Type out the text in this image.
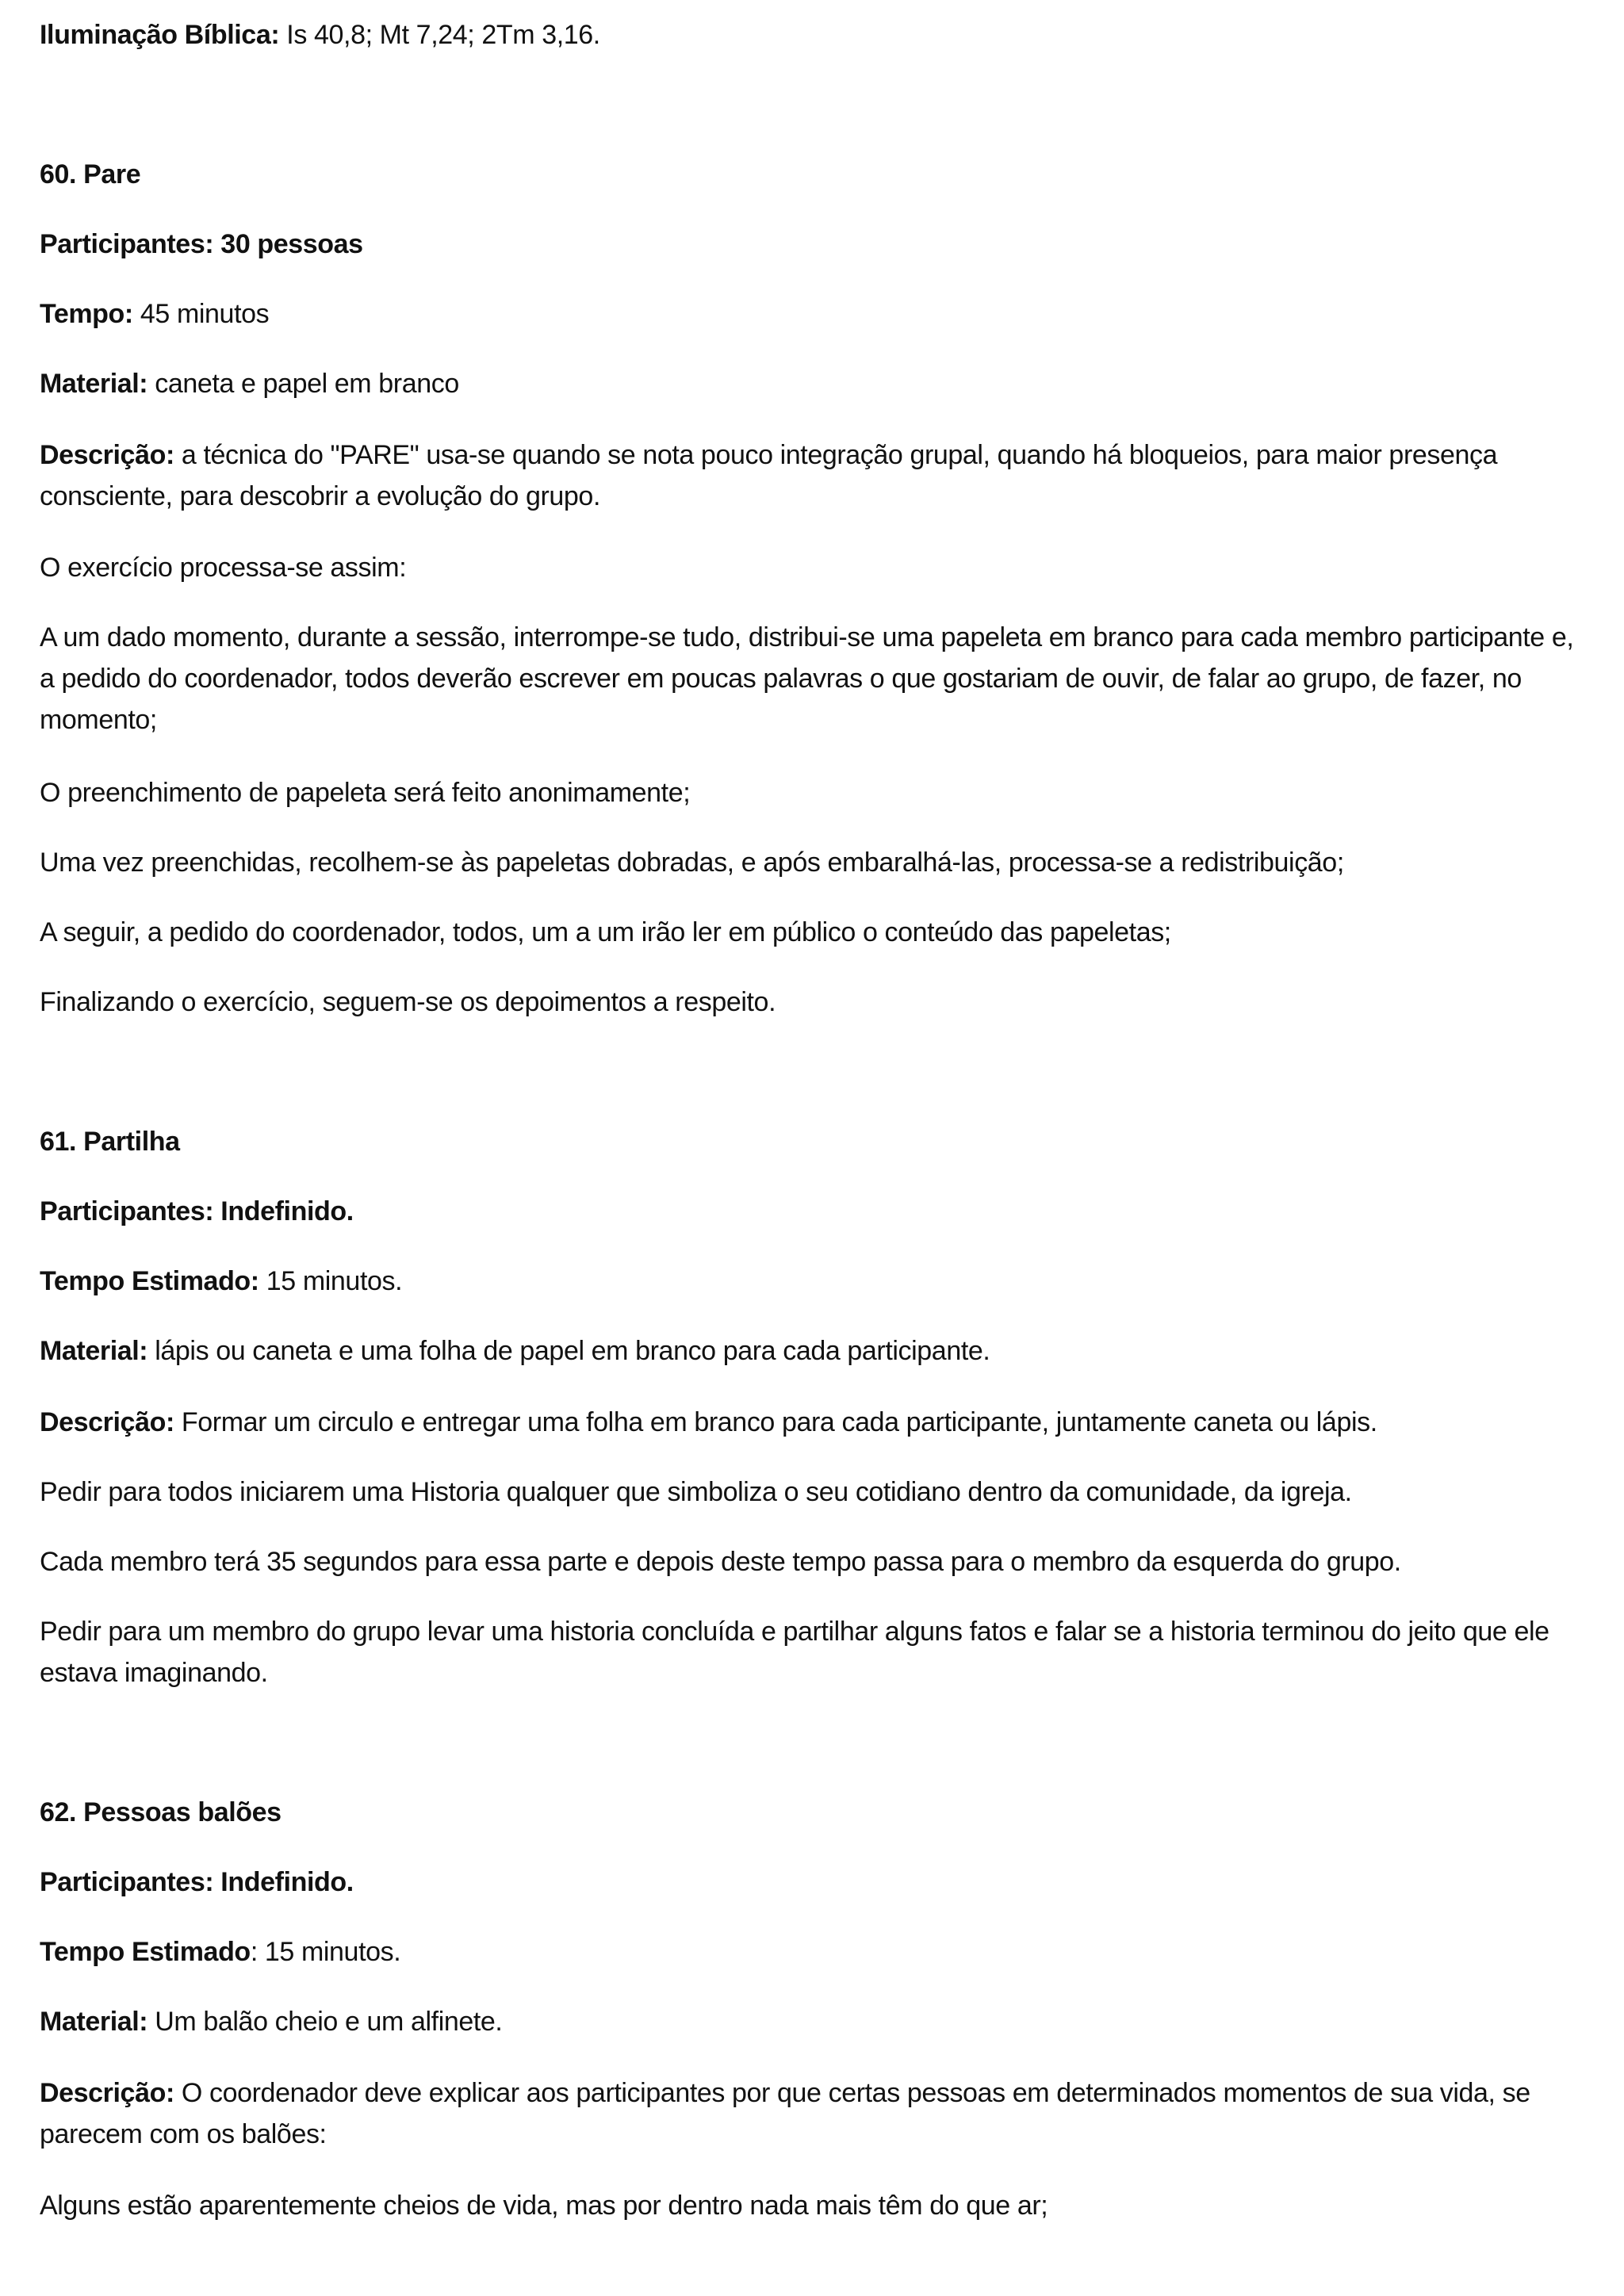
Iluminação Bíblica: Is 40,8; Mt 7,24; 2Tm 3,16.
60. Pare
Participantes: 30 pessoas
Tempo: 45 minutos
Material: caneta e papel em branco
Descrição: a técnica do "PARE" usa-se quando se nota pouco integração grupal, quando há bloqueios, para maior presença consciente, para descobrir a evolução do grupo.
O exercício processa-se assim:
A um dado momento, durante a sessão, interrompe-se tudo, distribui-se uma papeleta em branco para cada membro participante e, a pedido do coordenador, todos deverão escrever em poucas palavras o que gostariam de ouvir, de falar ao grupo, de fazer, no momento;
O preenchimento de papeleta será feito anonimamente;
Uma vez preenchidas, recolhem-se às papeletas dobradas, e após embaralhá-las, processa-se a redistribuição;
A seguir, a pedido do coordenador, todos, um a um irão ler em público o conteúdo das papeletas;
Finalizando o exercício, seguem-se os depoimentos a respeito.
61. Partilha
Participantes: Indefinido.
Tempo Estimado: 15 minutos.
Material: lápis ou caneta e uma folha de papel em branco para cada participante.
Descrição: Formar um circulo e entregar uma folha em branco para cada participante, juntamente caneta ou lápis.
Pedir para todos iniciarem uma Historia qualquer que simboliza o seu cotidiano dentro da comunidade, da igreja.
Cada membro terá 35 segundos para essa parte e depois deste tempo passa para o membro da esquerda do grupo.
Pedir para um membro do grupo levar uma historia concluída e partilhar alguns fatos e falar se a historia terminou do jeito que ele estava imaginando.
62. Pessoas balões
Participantes: Indefinido.
Tempo Estimado: 15 minutos.
Material: Um balão cheio e um alfinete.
Descrição: O coordenador deve explicar aos participantes por que certas pessoas em determinados momentos de sua vida, se parecem com os balões:
Alguns estão aparentemente cheios de vida, mas por dentro nada mais têm do que ar;
